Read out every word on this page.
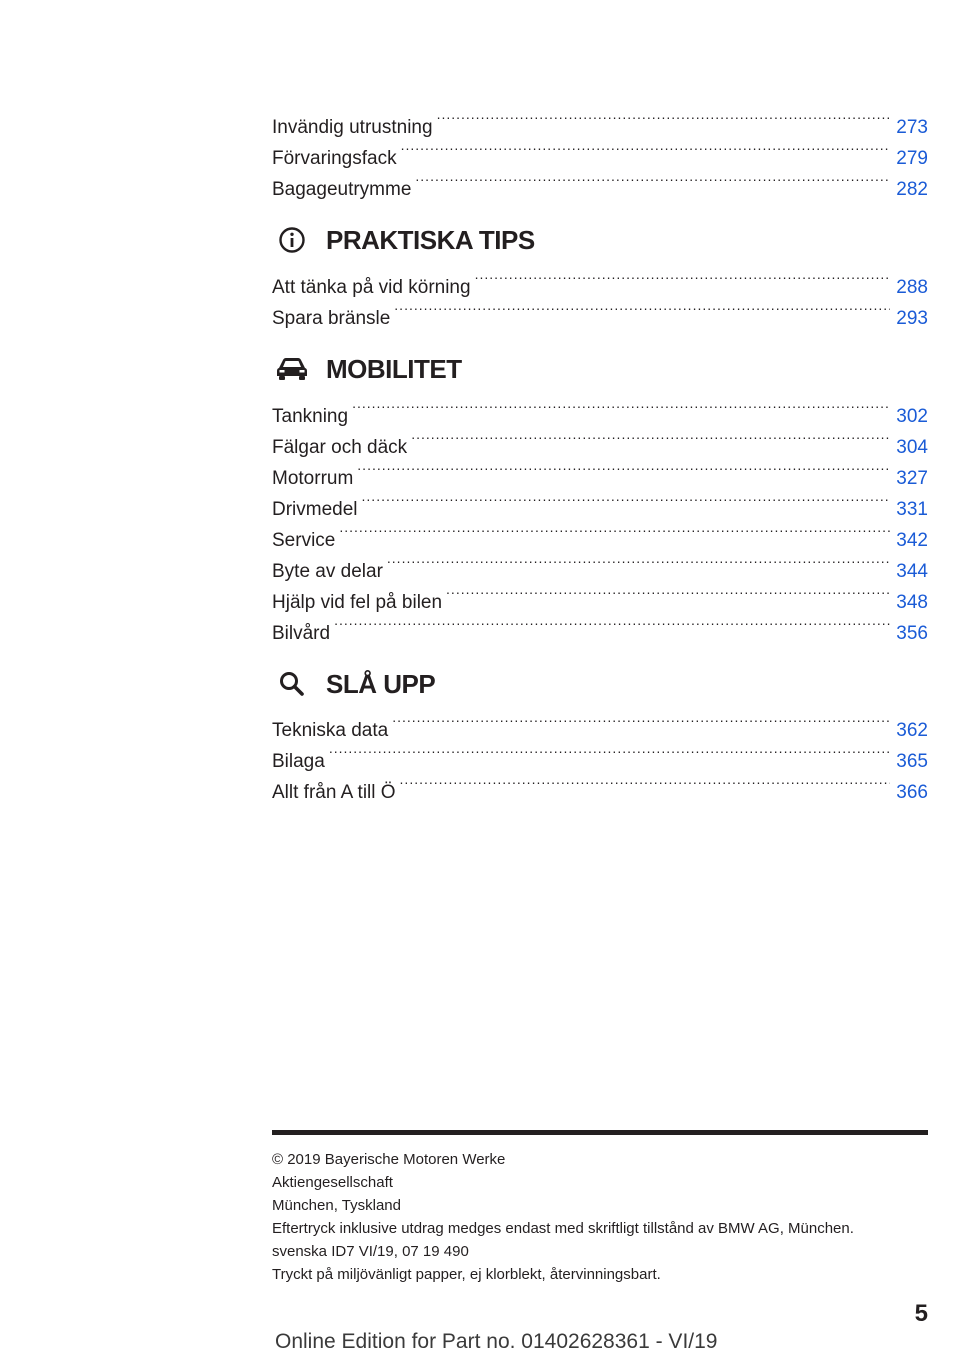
Invändig utrustning .....	273
Förvaringsfack .....	279
Bagageutrymme .....	282
PRAKTISKA TIPS
Att tänka på vid körning .....	288
Spara bränsle .....	293
MOBILITET
Tankning .....	302
Fälgar och däck .....	304
Motorrum .....	327
Drivmedel .....	331
Service .....	342
Byte av delar .....	344
Hjälp vid fel på bilen .....	348
Bilvård .....	356
SLÅ UPP
Tekniska data .....	362
Bilaga .....	365
Allt från A till Ö .....	366
© 2019 Bayerische Motoren Werke
Aktiengesellschaft
München, Tyskland
Eftertryck inklusive utdrag medges endast med skriftligt tillstånd av BMW AG, München.
svenska ID7 VI/19, 07 19 490
Tryckt på miljövänligt papper, ej klorblekt, återvinningsbart.
5
Online Edition for Part no. 01402628361 - VI/19
